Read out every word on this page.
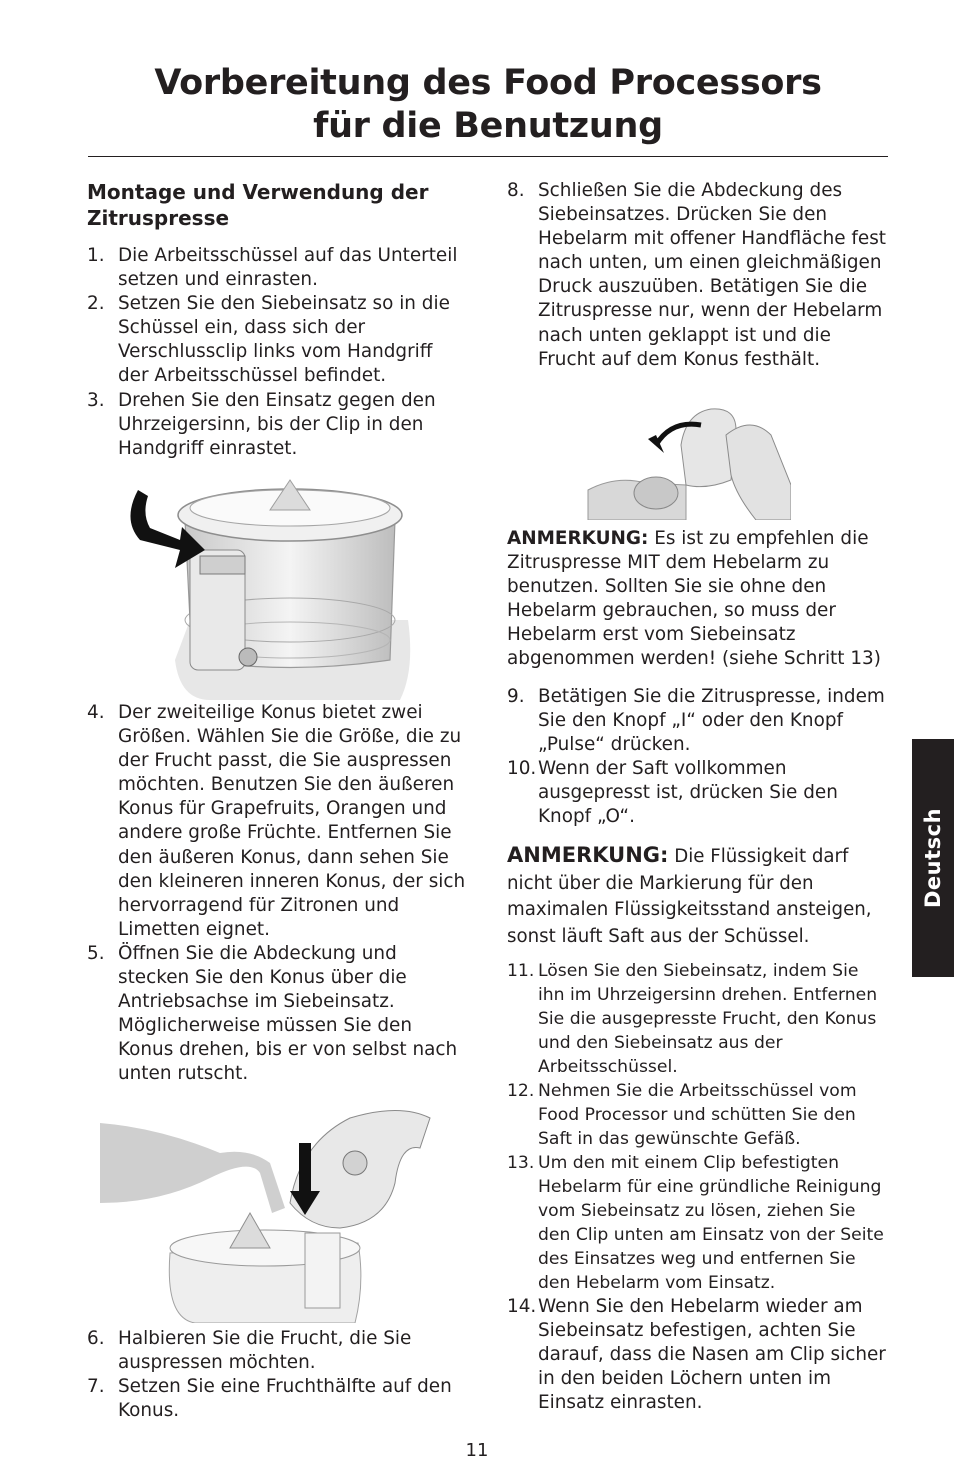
Vorbereitung des Food Processors
für die Benutzung
Montage und Verwendung der Zitruspresse
1. Die Arbeitsschüssel auf das Unterteil setzen und einrasten.
2. Setzen Sie den Siebeinsatz so in die Schüssel ein, dass sich der Verschlussclip links vom Handgriff der Arbeitsschüssel befindet.
3. Drehen Sie den Einsatz gegen den Uhrzeigersinn, bis der Clip in den Handgriff einrastet.
4. Der zweiteilige Konus bietet zwei Größen. Wählen Sie die Größe, die zu der Frucht passt, die Sie auspressen möchten. Benutzen Sie den äußeren Konus für Grapefruits, Orangen und andere große Früchte. Entfernen Sie den äußeren Konus, dann sehen Sie den kleineren inneren Konus, der sich hervorragend für Zitronen und Limetten eignet.
5. Öffnen Sie die Abdeckung und stecken Sie den Konus über die Antriebsachse im Siebeinsatz. Möglicherweise müssen Sie den Konus drehen, bis er von selbst nach unten rutscht.
6. Halbieren Sie die Frucht, die Sie auspressen möchten.
7. Setzen Sie eine Fruchthälfte auf den Konus.
8. Schließen Sie die Abdeckung des Siebeinsatzes. Drücken Sie den Hebelarm mit offener Handfläche fest nach unten, um einen gleichmäßigen Druck auszuüben. Betätigen Sie die Zitruspresse nur, wenn der Hebelarm nach unten geklappt ist und die Frucht auf dem Konus festhält.
ANMERKUNG: Es ist zu empfehlen die Zitruspresse MIT dem Hebelarm zu benutzen. Sollten Sie sie ohne den Hebelarm gebrauchen, so muss der Hebelarm erst vom Siebeinsatz abgenommen werden! (siehe Schritt 13)
9. Betätigen Sie die Zitruspresse, indem Sie den Knopf „I“ oder den Knopf „Pulse“ drücken.
10. Wenn der Saft vollkommen ausgepresst ist, drücken Sie den Knopf „O“.
ANMERKUNG: Die Flüssigkeit darf nicht über die Markierung für den maximalen Flüssigkeitsstand ansteigen, sonst läuft Saft aus der Schüssel.
11. Lösen Sie den Siebeinsatz, indem Sie ihn im Uhrzeigersinn drehen. Entfernen Sie die ausgepresste Frucht, den Konus und den Siebeinsatz aus der Arbeitsschüssel.
12. Nehmen Sie die Arbeitsschüssel vom Food Processor und schütten Sie den Saft in das gewünschte Gefäß.
13. Um den mit einem Clip befestigten Hebelarm für eine gründliche Reinigung vom Siebeinsatz zu lösen, ziehen Sie den Clip unten am Einsatz von der Seite des Einsatzes weg und entfernen Sie den Hebelarm vom Einsatz.
14. Wenn Sie den Hebelarm wieder am Siebeinsatz befestigen, achten Sie darauf, dass die Nasen am Clip sicher in den beiden Löchern unten im Einsatz einrasten.
Deutsch
11
